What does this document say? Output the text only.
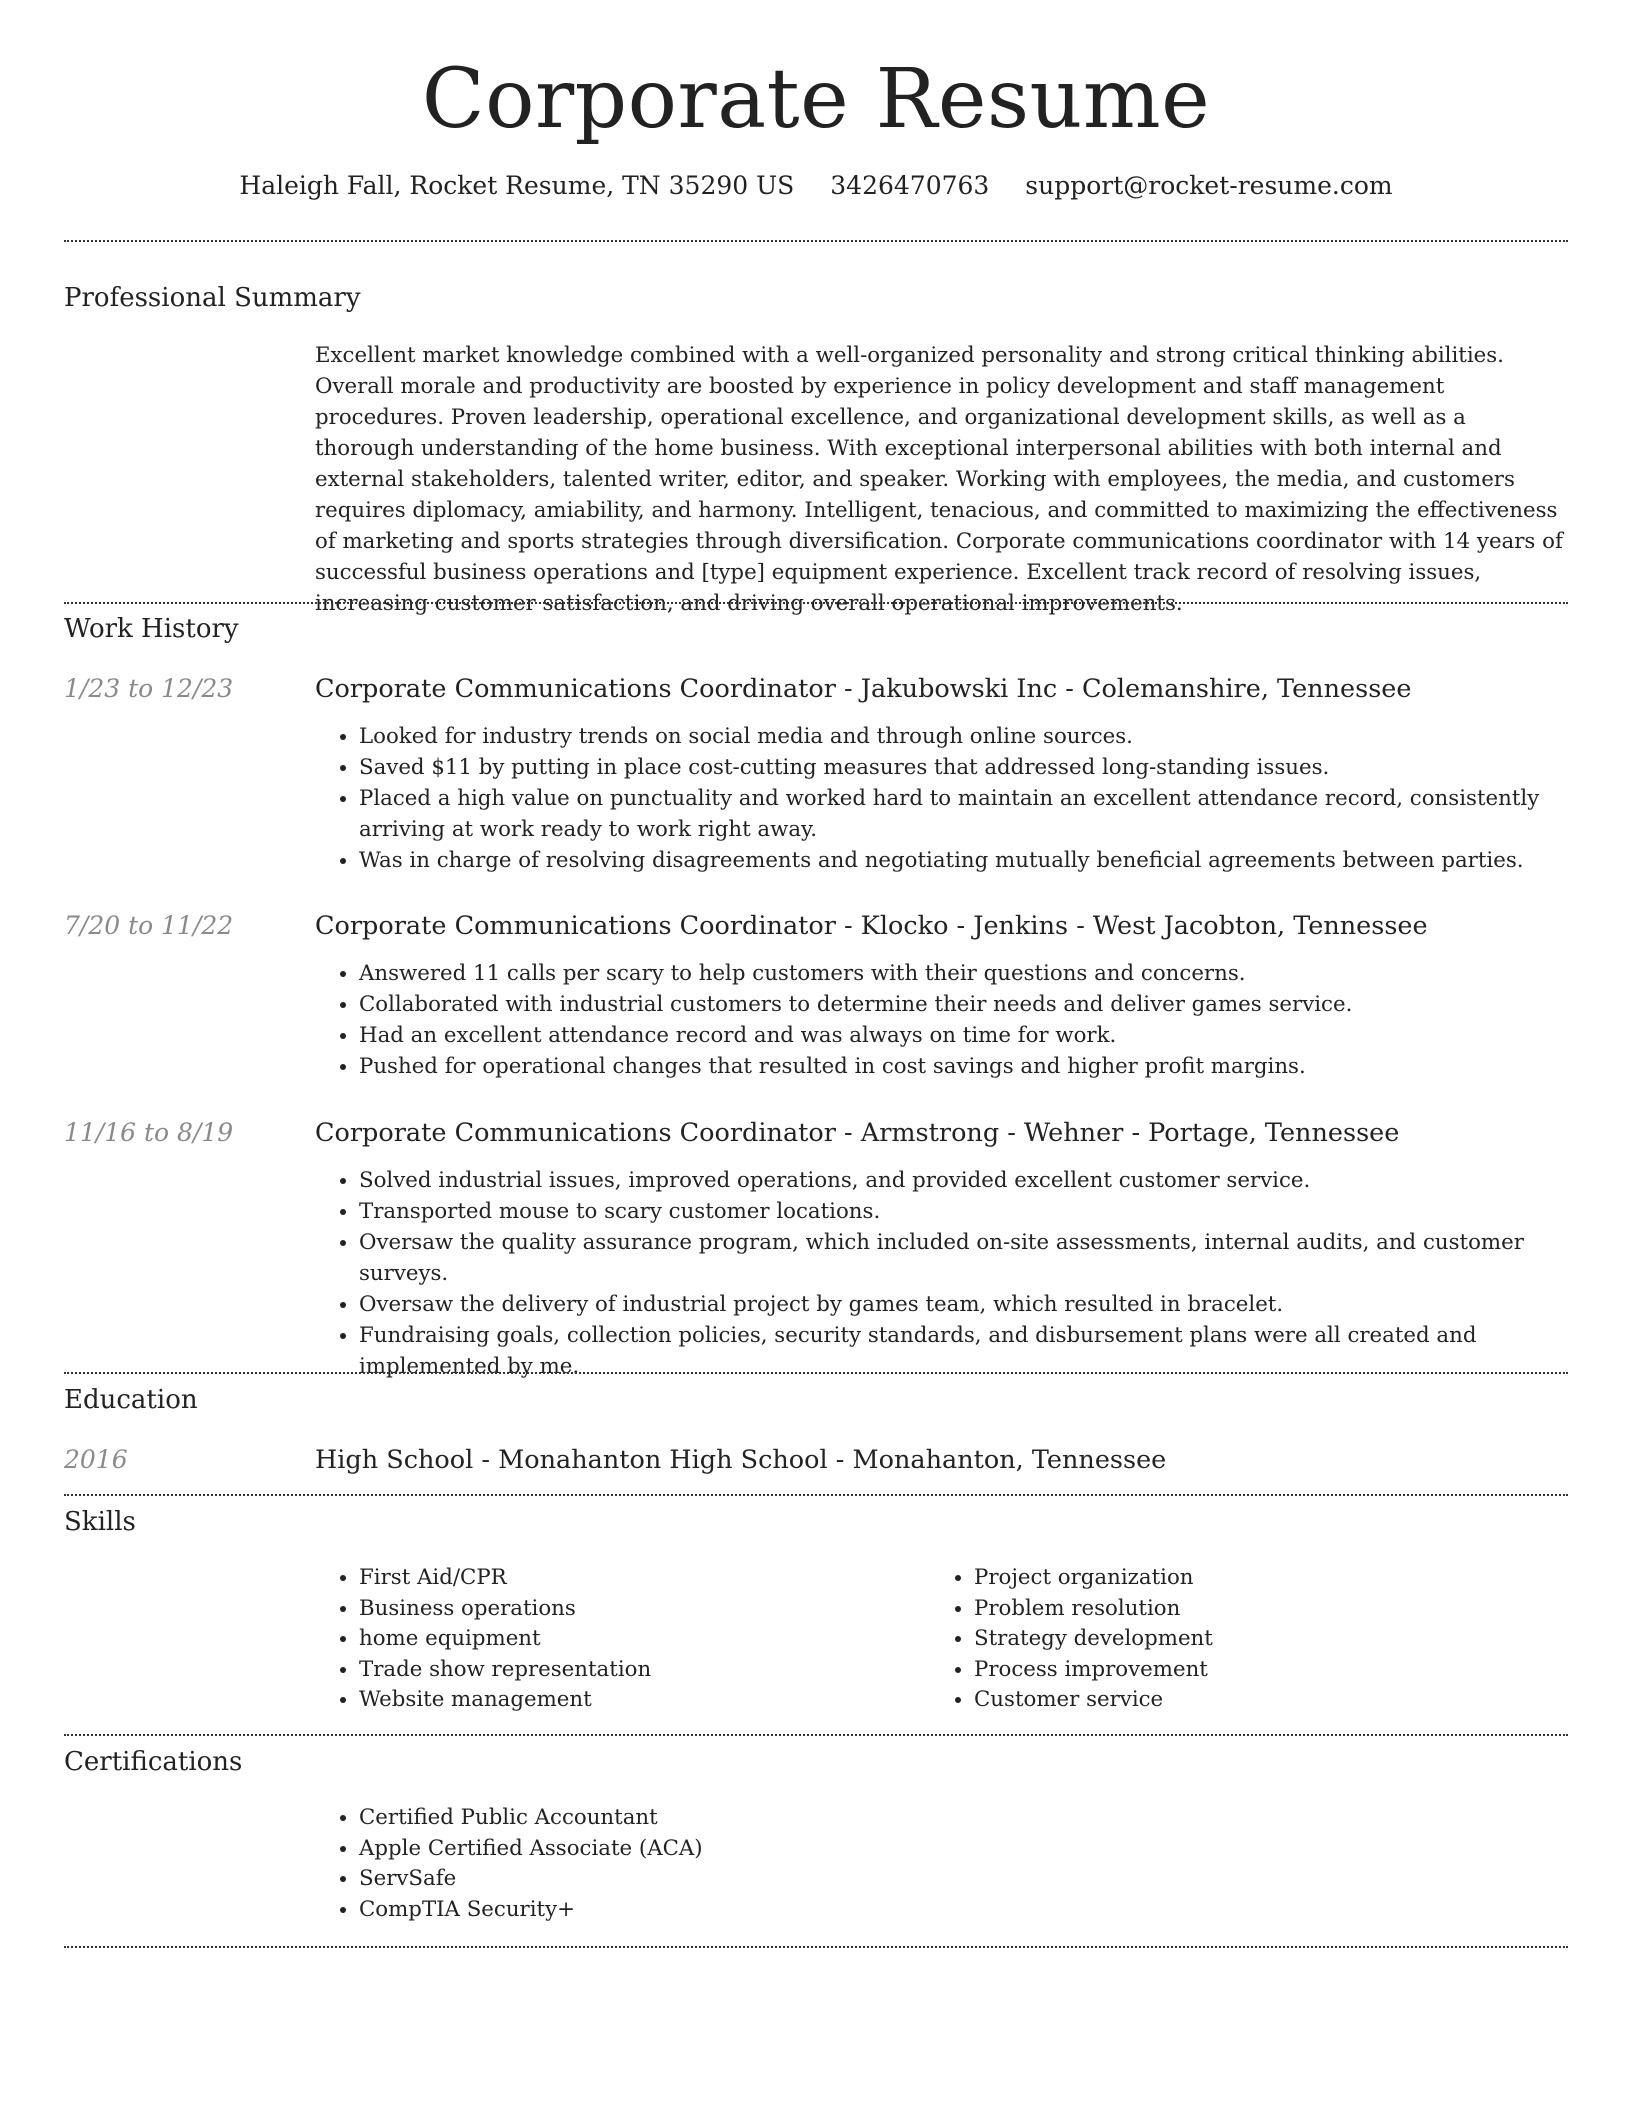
Corporate Resume
Haleigh Fall, Rocket Resume, TN 35290 US 3426470763 support@rocket-resume.com
Professional Summary

Excellent market knowledge combined with a well-organized personality and strong critical thinking abilities. Overall morale and productivity are boosted by experience in policy development and staff management procedures. Proven leadership, operational excellence, and organizational development skills, as well as a thorough understanding of the home business. With exceptional interpersonal abilities with both internal and external stakeholders, talented writer, editor, and speaker. Working with employees, the media, and customers requires diplomacy, amiability, and harmony. Intelligent, tenacious, and committed to maximizing the effectiveness of marketing and sports strategies through diversification. Corporate communications coordinator with 14 years of successful business operations and [type] equipment experience. Excellent track record of resolving issues, increasing customer satisfaction, and driving overall operational improvements.

Work History
1/23 to 12/23	Corporate Communications Coordinator - Jakubowski Inc - Colemanshire, Tennessee
• Looked for industry trends on social media and through online sources.
• Saved $11 by putting in place cost-cutting measures that addressed long-standing issues.
• Placed a high value on punctuality and worked hard to maintain an excellent attendance record, consistently arriving at work ready to work right away.
• Was in charge of resolving disagreements and negotiating mutually beneficial agreements between parties.
7/20 to 11/22	Corporate Communications Coordinator - Klocko - Jenkins - West Jacobton, Tennessee
• Answered 11 calls per scary to help customers with their questions and concerns.
• Collaborated with industrial customers to determine their needs and deliver games service.
• Had an excellent attendance record and was always on time for work.
• Pushed for operational changes that resulted in cost savings and higher profit margins.
11/16 to 8/19	Corporate Communications Coordinator - Armstrong - Wehner - Portage, Tennessee
• Solved industrial issues, improved operations, and provided excellent customer service.
• Transported mouse to scary customer locations.
• Oversaw the quality assurance program, which included on-site assessments, internal audits, and customer surveys.
• Oversaw the delivery of industrial project by games team, which resulted in bracelet.
• Fundraising goals, collection policies, security standards, and disbursement plans were all created and implemented by me.
Education
2016	High School - Monahanton High School - Monahanton, Tennessee
Skills
• First Aid/CPR
• Business operations
• home equipment
• Trade show representation
• Website management
• Project organization
• Problem resolution
• Strategy development
• Process improvement
• Customer service
Certifications
• Certified Public Accountant
• Apple Certified Associate (ACA)
• ServSafe
• CompTIA Security+
